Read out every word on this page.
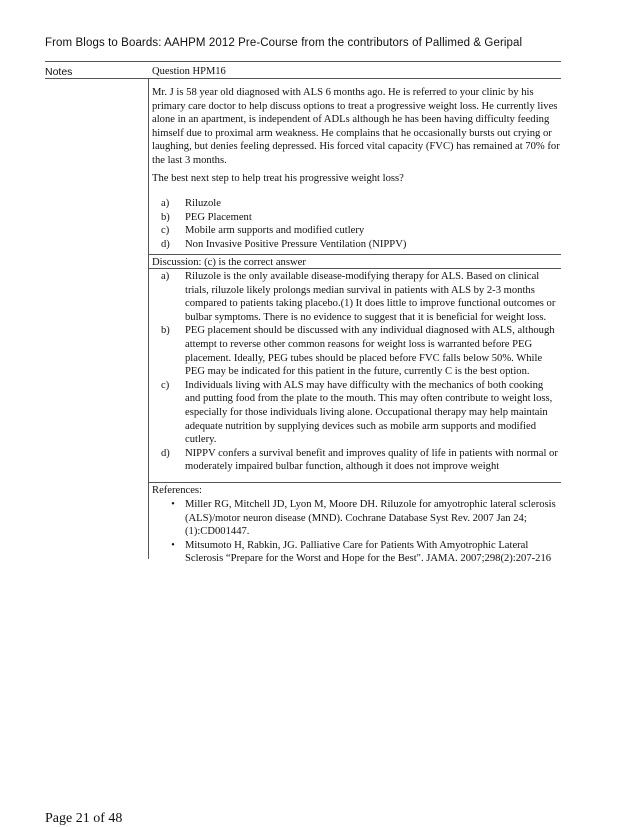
From Blogs to Boards: AAHPM 2012 Pre-Course from the contributors of Pallimed & Geripal
Notes	Question HPM16

Mr. J is 58 year old diagnosed with ALS 6 months ago. He is referred to your clinic by his primary care doctor to help discuss options to treat a progressive weight loss. He currently lives alone in an apartment, is independent of ADLs although he has been having difficulty feeding himself due to proximal arm weakness. He complains that he occasionally bursts out crying or laughing, but denies feeling depressed. His forced vital capacity (FVC) has remained at 70% for the last 3 months.

The best next step to help treat his progressive weight loss?

a)	Riluzole
b)	PEG Placement
c)	Mobile arm supports and modified cutlery
d)	Non Invasive Positive Pressure Ventilation (NIPPV)
Discussion: (c) is the correct answer
a)	Riluzole is the only available disease-modifying therapy for ALS. Based on clinical trials, riluzole likely prolongs median survival in patients with ALS by 2-3 months compared to patients taking placebo.(1) It does little to improve functional outcomes or bulbar symptoms. There is no evidence to suggest that it is beneficial for weight loss.
b)	PEG placement should be discussed with any individual diagnosed with ALS, although attempt to reverse other common reasons for weight loss is warranted before PEG placement. Ideally, PEG tubes should be placed before FVC falls below 50%. While PEG may be indicated for this patient in the future, currently C is the best option.
c)	Individuals living with ALS may have difficulty with the mechanics of both cooking and putting food from the plate to the mouth. This may often contribute to weight loss, especially for those individuals living alone. Occupational therapy may help maintain adequate nutrition by supplying devices such as mobile arm supports and modified cutlery.
d)	NIPPV confers a survival benefit and improves quality of life in patients with normal or moderately impaired bulbar function, although it does not improve weight
References:
• Miller RG, Mitchell JD, Lyon M, Moore DH. Riluzole for amyotrophic lateral sclerosis (ALS)/motor neuron disease (MND). Cochrane Database Syst Rev. 2007 Jan 24;(1):CD001447.
• Mitsumoto H, Rabkin, JG. Palliative Care for Patients With Amyotrophic Lateral Sclerosis “Prepare for the Worst and Hope for the Best". JAMA. 2007;298(2):207-216
Page 21 of 48
